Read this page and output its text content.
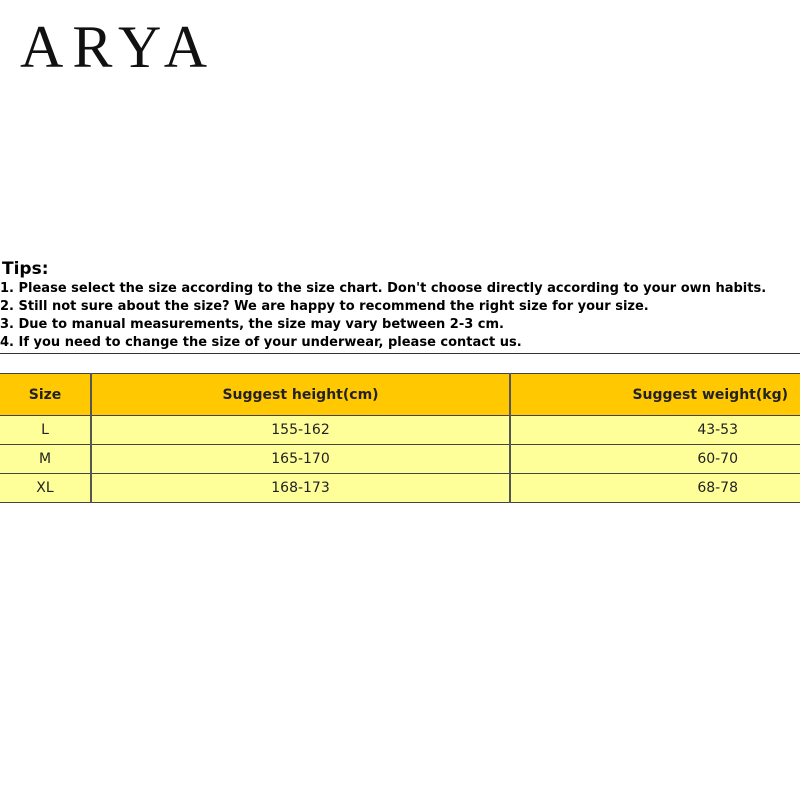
ARYA
Tips:
1. Please select the size according to the size chart. Don't choose directly according to your own habits.
2. Still not sure about the size? We are happy to recommend the right size for your size.
3. Due to manual measurements, the size may vary between 2-3 cm.
4. If you need to change the size of your underwear, please contact us.
Size	Suggest height(cm)	Suggest weight(kg)
L	155-162	43-53
M	165-170	60-70
XL	168-173	68-78
